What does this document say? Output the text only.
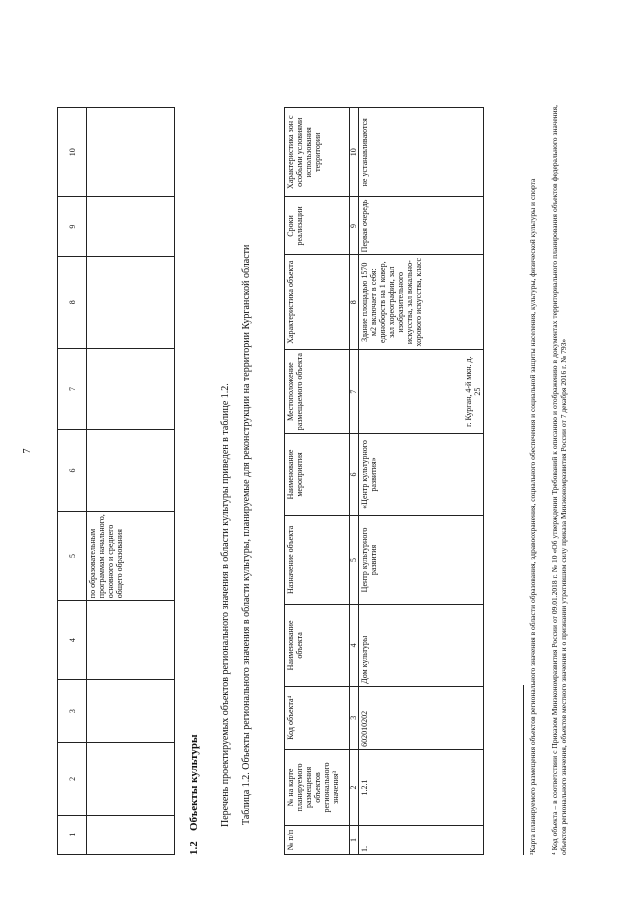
7
1	2	3	4	5	6	7	8	9	10
				по образовательным программам начального, основного и среднего общего образования					
1.2Объекты культуры Перечень проектируемых объектов регионального значения в области культуры приведен в таблице 1.2. Таблица 1.2. Объекты регионального значения в области культуры, планируемые для реконструкции на территории Курганской области
№ п/п	№ на карте планируемого размещения объектов регионального значения³	Код объекта⁴	Наименование объекта	Назначение объекта	Наименование мероприятия	Местоположение размещаемого объекта	Характеристика объекта	Сроки реализации	Характеристика зон с особыми условиями использования территории
1	2	3	4	5	6	7	8	9	10
1.	1.2.1	602010202	Дом культуры	Центр культурного развития	«Центр культурного развития»	г. Курган, 4-й мкн. д. 25	Здание площадью 1570 м2 включает в себя: единоборств на 1 ковер, зал хореографии, зал изобразительного искусства, зал вокально-хорового искусства, класс	Первая очередь	не устанавливаются
³Карта планируемого размещения объектов регионального значения в области образования, здравоохранения, социального обеспечения и социальной защиты населения, культуры, физической культуры и спорта ⁴ Код объекта – в соответствии с Приказом Минэкономразвития России от 09.01.2018 г. № 10 «Об утверждении Требований к описанию и отображению в документах территориального планирования объектов федерального значения, объектов регионального значения, объектов местного значения и о признании утратившим силу приказа Минэкономразвития России от 7 декабря 2016 г. № 793»
